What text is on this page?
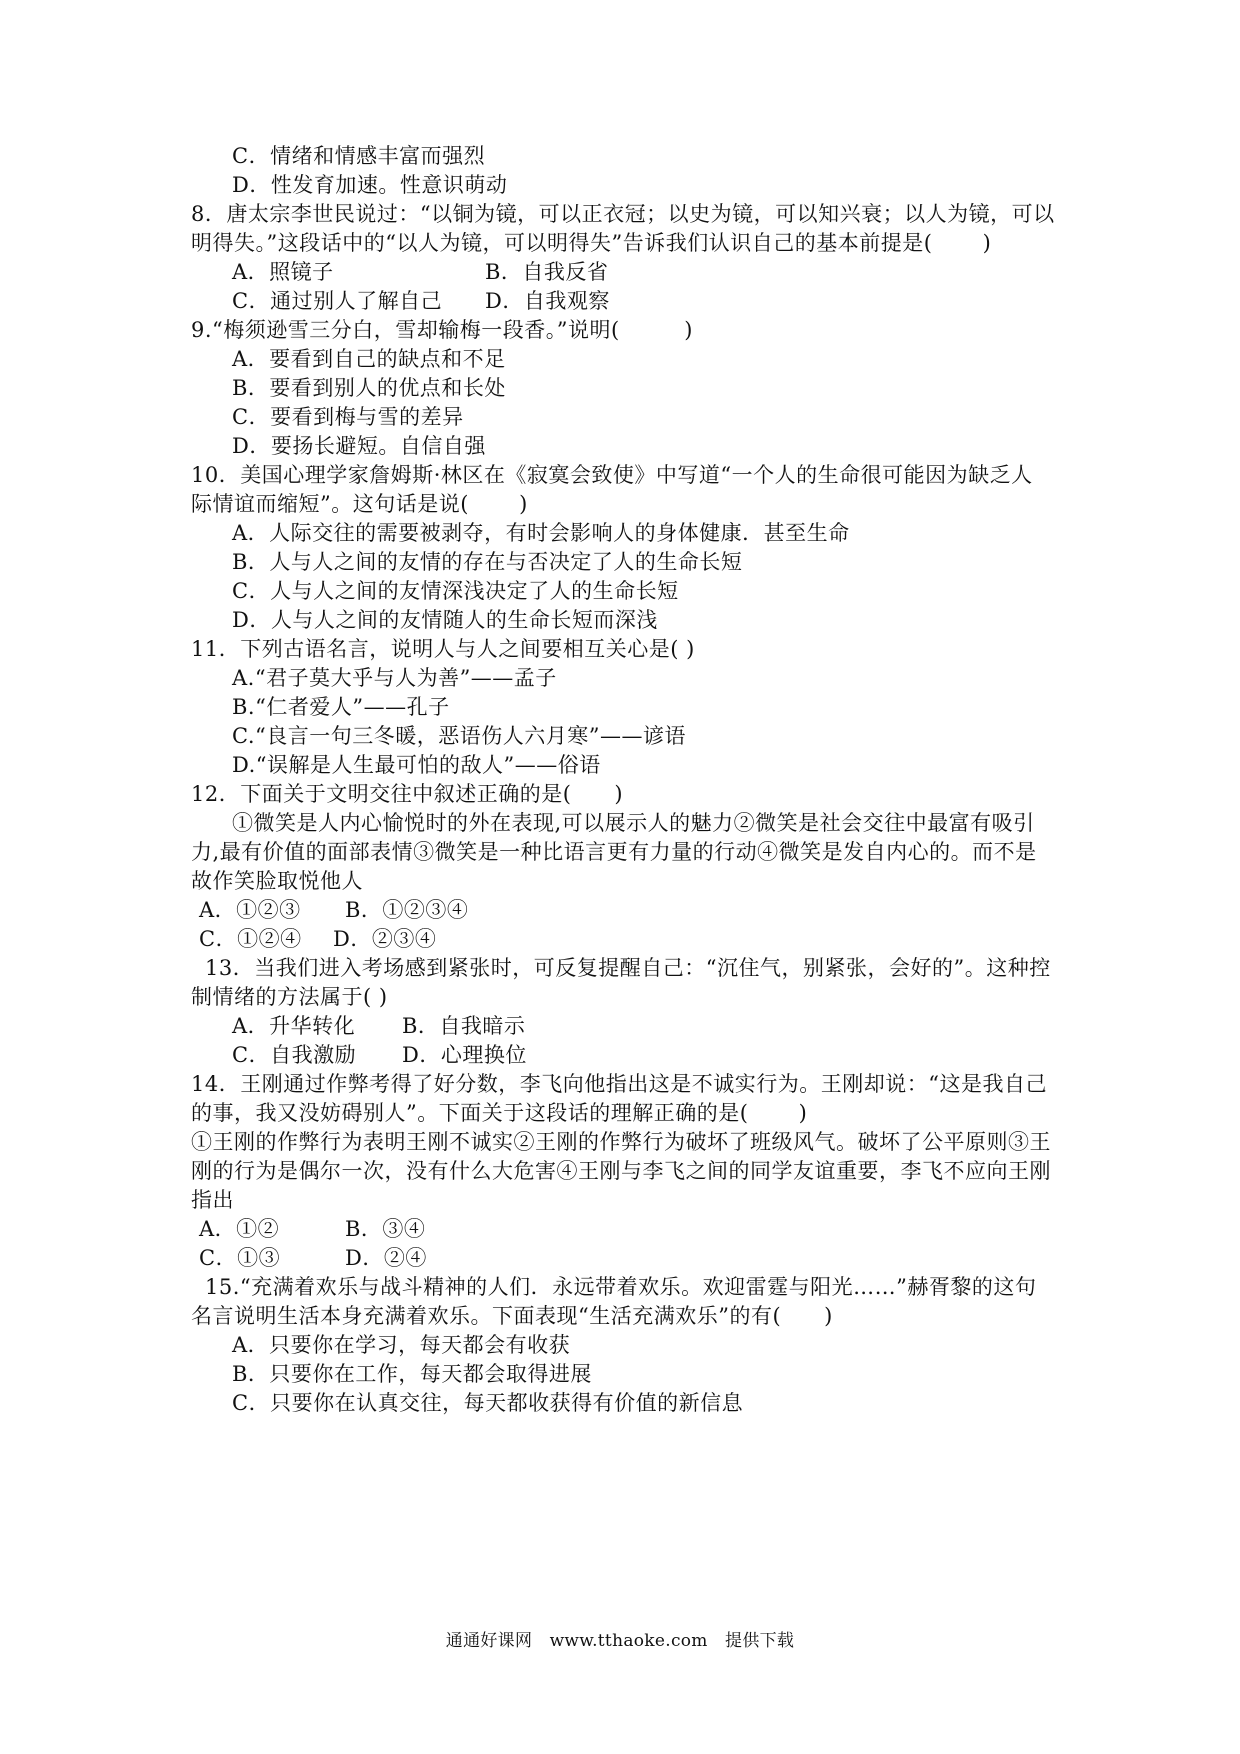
C．情绪和情感丰富而强烈
D．性发育加速。性意识萌动
8．唐太宗李世民说过：“以铜为镜，可以正衣冠；以史为镜，可以知兴衰；以人为镜，可以
明得失。”这段话中的“以人为镜，可以明得失”告诉我们认识自己的基本前提是(　　 )
A．照镜子	B．自我反省
C．通过别人了解自己 D．自我观察
9.“梅须逊雪三分白，雪却输梅一段香。”说明(　　　)
A．要看到自己的缺点和不足
B．要看到别人的优点和长处
C．要看到梅与雪的差异
D．要扬长避短。自信自强
10．美国心理学家詹姆斯·林区在《寂寞会致使》中写道“一个人的生命很可能因为缺乏人
际情谊而缩短”。这句话是说(　　 )
A．人际交往的需要被剥夺，有时会影响人的身体健康．甚至生命
B．人与人之间的友情的存在与否决定了人的生命长短
C．人与人之间的友情深浅决定了人的生命长短
D．人与人之间的友情随人的生命长短而深浅
11．下列古语名言，说明人与人之间要相互关心是( )
A.“君子莫大乎与人为善”——孟子
B.“仁者爱人”——孔子
C.“良言一句三冬暖，恶语伤人六月寒”——谚语
D.“误解是人生最可怕的敌人”——俗语
12．下面关于文明交往中叙述正确的是(　　)
①微笑是人内心愉悦时的外在表现,可以展示人的魅力②微笑是社会交往中最富有吸引
力,最有价值的面部表情③微笑是一种比语言更有力量的行动④微笑是发自内心的。而不是
故作笑脸取悦他人
A．①②③ B．①②③④
C．①②④ D．②③④
13．当我们进入考场感到紧张时，可反复提醒自己：“沉住气，别紧张，会好的”。这种控
制情绪的方法属于( )
A．升华转化 B．自我暗示
C．自我激励 D．心理换位
14．王刚通过作弊考得了好分数，李飞向他指出这是不诚实行为。王刚却说：“这是我自己
的事，我又没妨碍别人”。下面关于这段话的理解正确的是(　　 )
①王刚的作弊行为表明王刚不诚实②王刚的作弊行为破坏了班级风气。破坏了公平原则③王
刚的行为是偶尔一次，没有什么大危害④王刚与李飞之间的同学友谊重要，李飞不应向王刚
指出
A．①②	B．③④
C．①③	D．②④
15.“充满着欢乐与战斗精神的人们．永远带着欢乐。欢迎雷霆与阳光……”赫胥黎的这句
名言说明生活本身充满着欢乐。下面表现“生活充满欢乐”的有(　　)
A．只要你在学习，每天都会有收获
B．只要你在工作，每天都会取得进展
C．只要你在认真交往，每天都收获得有价值的新信息
通通好课网　www.tthaoke.com　提供下载
